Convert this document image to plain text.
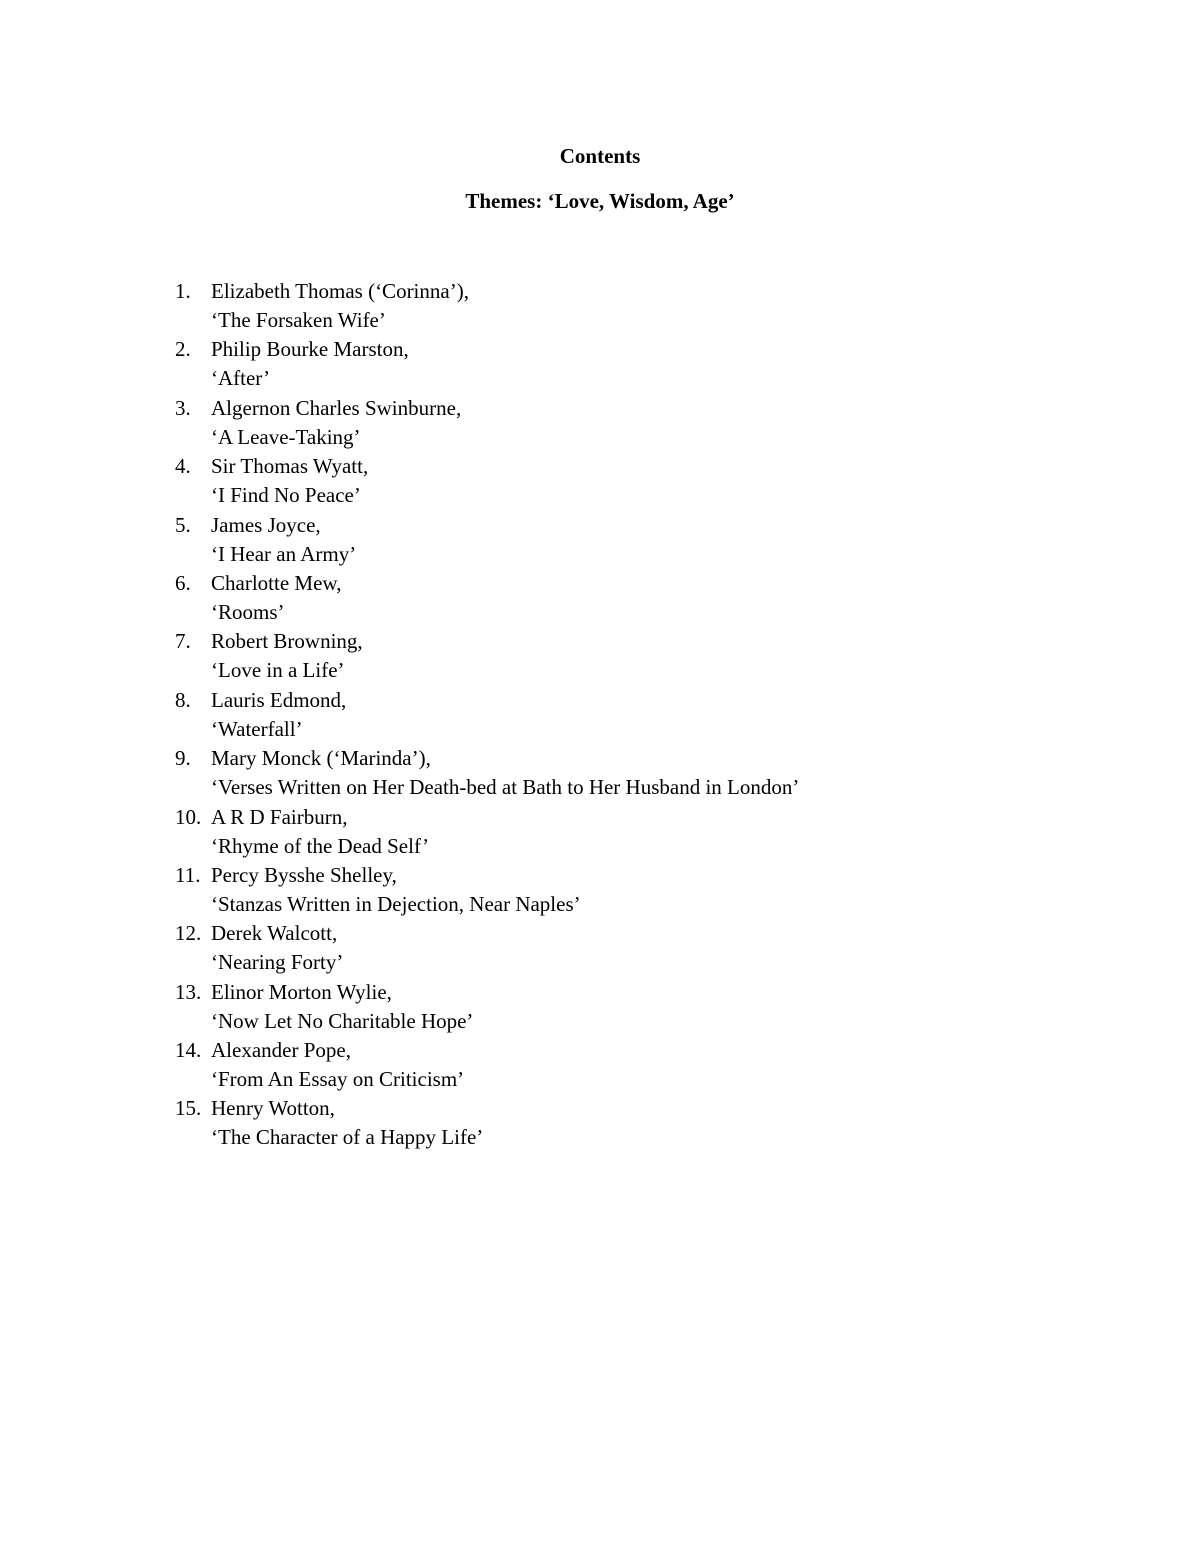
Contents
Themes: ‘Love, Wisdom, Age’
1. Elizabeth Thomas (‘Corinna’),
‘The Forsaken Wife’
2. Philip Bourke Marston,
‘After’
3. Algernon Charles Swinburne,
‘A Leave-Taking’
4. Sir Thomas Wyatt,
‘I Find No Peace’
5. James Joyce,
‘I Hear an Army’
6. Charlotte Mew,
‘Rooms’
7. Robert Browning,
‘Love in a Life’
8. Lauris Edmond,
‘Waterfall’
9. Mary Monck (‘Marinda’),
‘Verses Written on Her Death-bed at Bath to Her Husband in London’
10. A R D Fairburn,
‘Rhyme of the Dead Self’
11. Percy Bysshe Shelley,
‘Stanzas Written in Dejection, Near Naples’
12. Derek Walcott,
‘Nearing Forty’
13. Elinor Morton Wylie,
‘Now Let No Charitable Hope’
14. Alexander Pope,
‘From An Essay on Criticism’
15. Henry Wotton,
‘The Character of a Happy Life’
